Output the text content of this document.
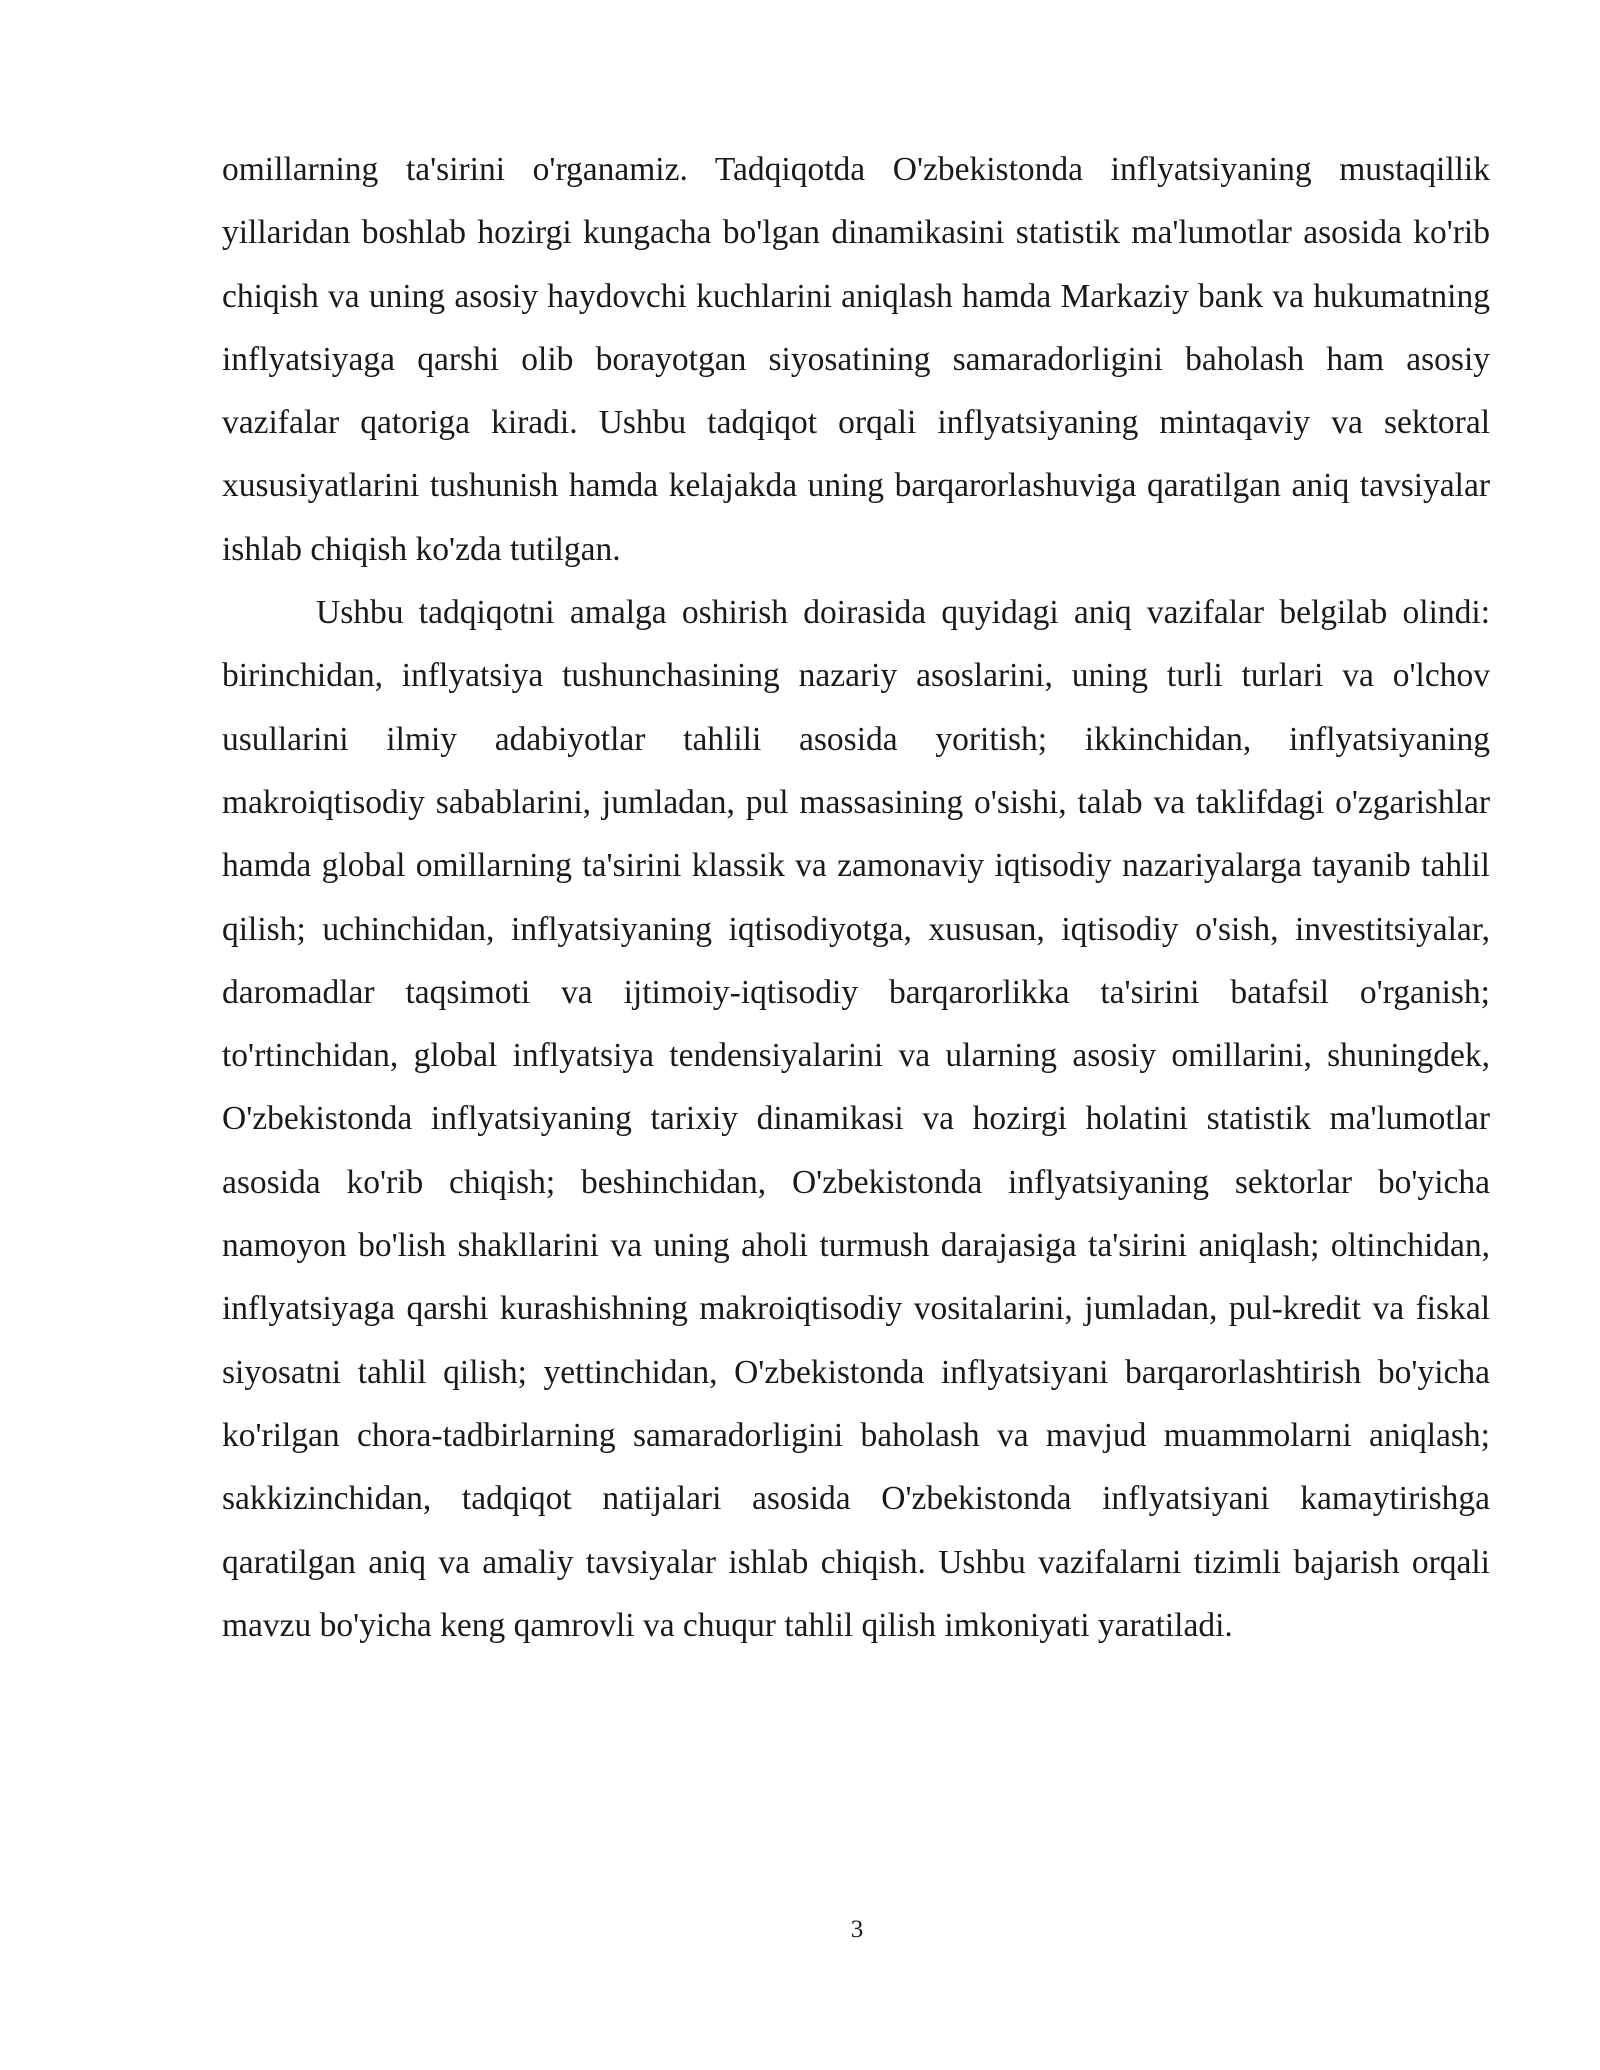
omillarning ta'sirini o'rganamiz. Tadqiqotda O'zbekistonda inflyatsiyaning mustaqillik yillaridan boshlab hozirgi kungacha bo'lgan dinamikasini statistik ma'lumotlar asosida ko'rib chiqish va uning asosiy haydovchi kuchlarini aniqlash hamda Markaziy bank va hukumatning inflyatsiyaga qarshi olib borayotgan siyosatining samaradorligini baholash ham asosiy vazifalar qatoriga kiradi. Ushbu tadqiqot orqali inflyatsiyaning mintaqaviy va sektoral xususiyatlarini tushunish hamda kelajakda uning barqarorlashuviga qaratilgan aniq tavsiyalar ishlab chiqish ko'zda tutilgan.

Ushbu tadqiqotni amalga oshirish doirasida quyidagi aniq vazifalar belgilab olindi: birinchidan, inflyatsiya tushunchasining nazariy asoslarini, uning turli turlari va o'lchov usullarini ilmiy adabiyotlar tahlili asosida yoritish; ikkinchidan, inflyatsiyaning makroiqtisodiy sabablarini, jumladan, pul massasining o'sishi, talab va taklifdagi o'zgarishlar hamda global omillarning ta'sirini klassik va zamonaviy iqtisodiy nazariyalarga tayanib tahlil qilish; uchinchidan, inflyatsiyaning iqtisodiyotga, xususan, iqtisodiy o'sish, investitsiyalar, daromadlar taqsimoti va ijtimoiy-iqtisodiy barqarorlikka ta'sirini batafsil o'rganish; to'rtinchidan, global inflyatsiya tendensiyalarini va ularning asosiy omillarini, shuningdek, O'zbekistonda inflyatsiyaning tarixiy dinamikasi va hozirgi holatini statistik ma'lumotlar asosida ko'rib chiqish; beshinchidan, O'zbekistonda inflyatsiyaning sektorlar bo'yicha namoyon bo'lish shakllarini va uning aholi turmush darajasiga ta'sirini aniqlash; oltinchidan, inflyatsiyaga qarshi kurashishning makroiqtisodiy vositalarini, jumladan, pul-kredit va fiskal siyosatni tahlil qilish; yettinchidan, O'zbekistonda inflyatsiyani barqarorlashtirish bo'yicha ko'rilgan chora-tadbirlarning samaradorligini baholash va mavjud muammolarni aniqlash; sakkizinchidan, tadqiqot natijalari asosida O'zbekistonda inflyatsiyani kamaytirishga qaratilgan aniq va amaliy tavsiyalar ishlab chiqish. Ushbu vazifalarni tizimli bajarish orqali mavzu bo'yicha keng qamrovli va chuqur tahlil qilish imkoniyati yaratiladi.

3
